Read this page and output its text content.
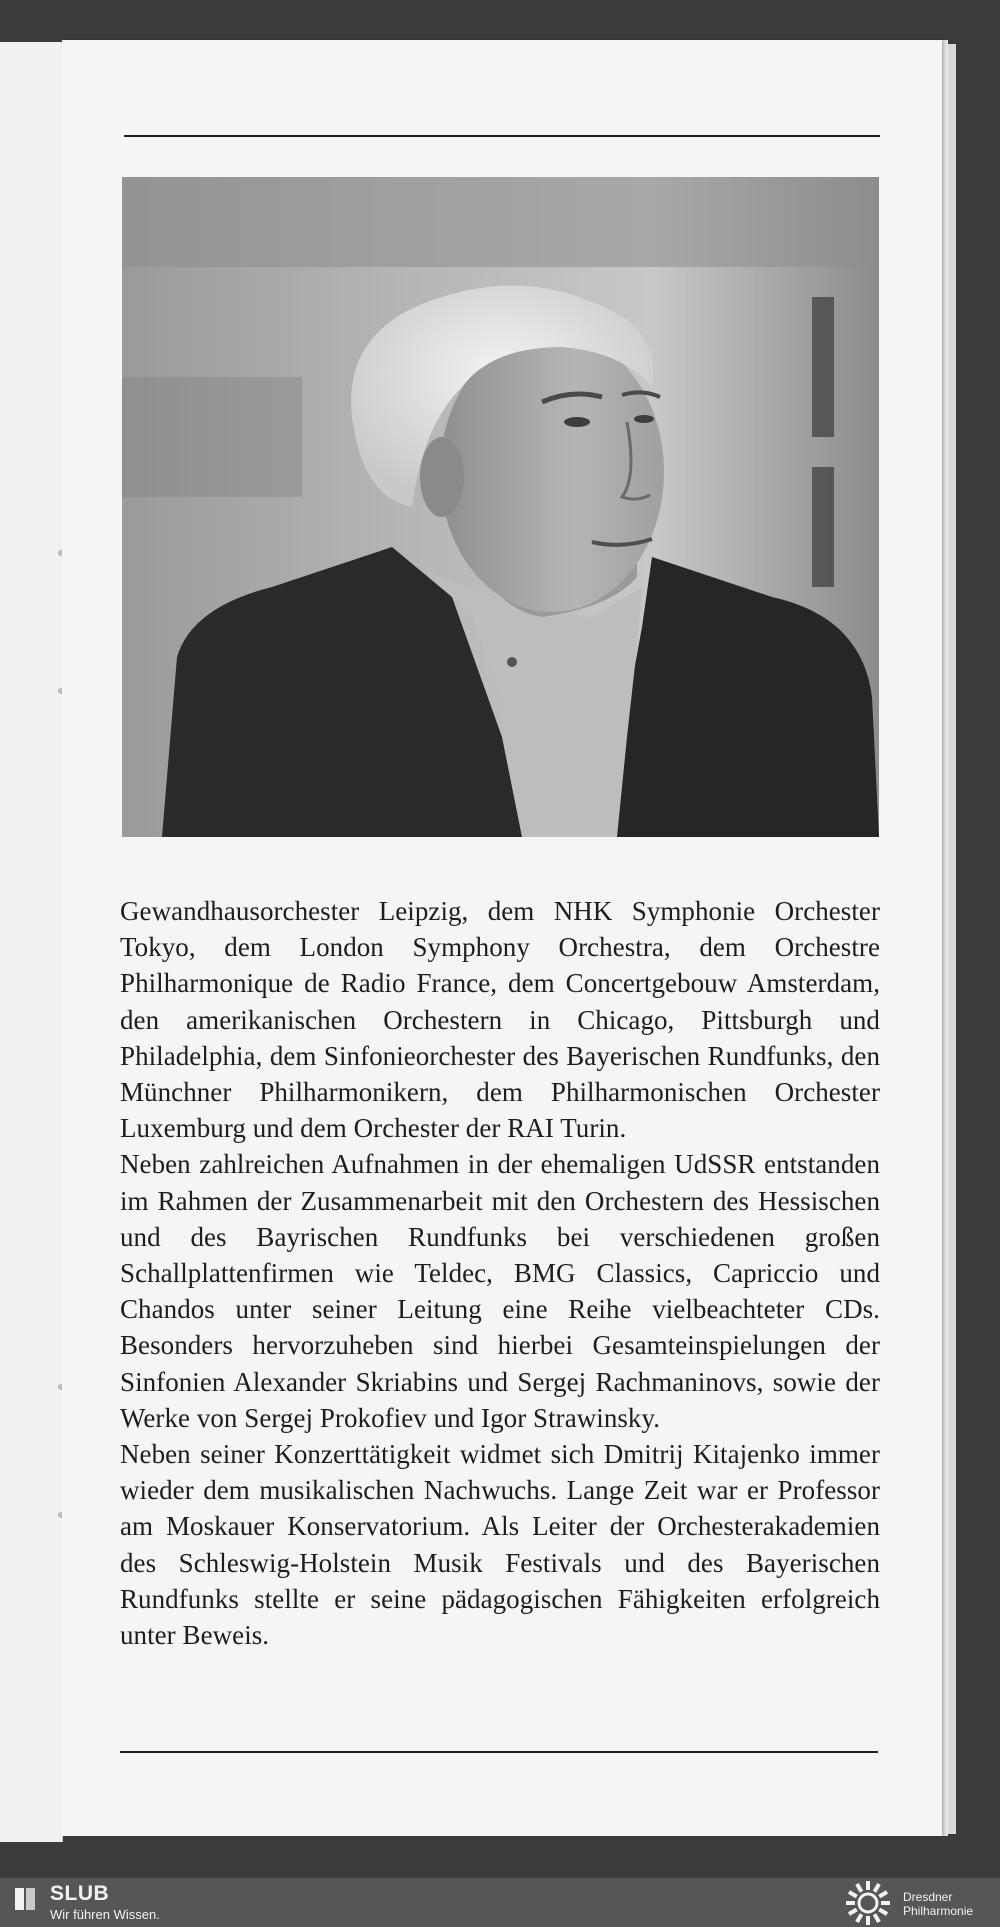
Gewandhausorchester Leipzig, dem NHK Symphonie Orchester Tokyo, dem London Symphony Orchestra, dem Orchestre Philharmonique de Radio France, dem Concertgebouw Amsterdam, den amerikanischen Orchestern in Chicago, Pittsburgh und Philadelphia, dem Sinfonieorchester des Bayerischen Rundfunks, den Münchner Philharmonikern, dem Philharmonischen Orchester Luxemburg und dem Orchester der RAI Turin.

Neben zahlreichen Aufnahmen in der ehemaligen UdSSR entstanden im Rahmen der Zusammenarbeit mit den Orchestern des Hessischen und des Bayrischen Rundfunks bei verschiedenen großen Schallplattenfirmen wie Teldec, BMG Classics, Capriccio und Chandos unter seiner Leitung eine Reihe vielbeachteter CDs. Besonders hervorzuheben sind hierbei Gesamteinspielungen der Sinfonien Alexander Skriabins und Sergej Rachmaninovs, sowie der Werke von Sergej Prokofiev und Igor Strawinsky.

Neben seiner Konzerttätigkeit widmet sich Dmitrij Kitajenko immer wieder dem musikalischen Nachwuchs. Lange Zeit war er Professor am Moskauer Konservatorium. Als Leiter der Orchesterakademien des Schleswig-Holstein Musik Festivals und des Bayerischen Rundfunks stellte er seine pädagogischen Fähigkeiten erfolgreich unter Beweis.

SLUB
Wir führen Wissen.
Dresdner
Philharmonie
